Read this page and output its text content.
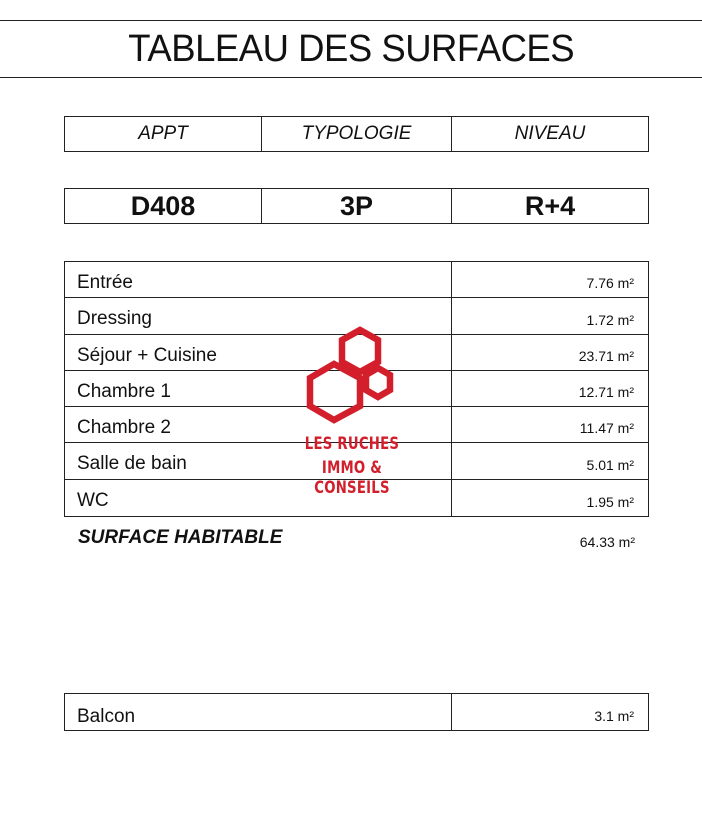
TABLEAU DES SURFACES
APPT	TYPOLOGIE	NIVEAU
D408	3P	R+4
Entrée	7.76 m²
Dressing	1.72 m²
Séjour + Cuisine	23.71 m²
Chambre 1	12.71 m²
Chambre 2	11.47 m²
Salle de bain	5.01 m²
WC	1.95 m²
SURFACE HABITABLE	64.33 m²
Balcon	3.1 m²
LES RUCHES
IMMO & CONSEILS
